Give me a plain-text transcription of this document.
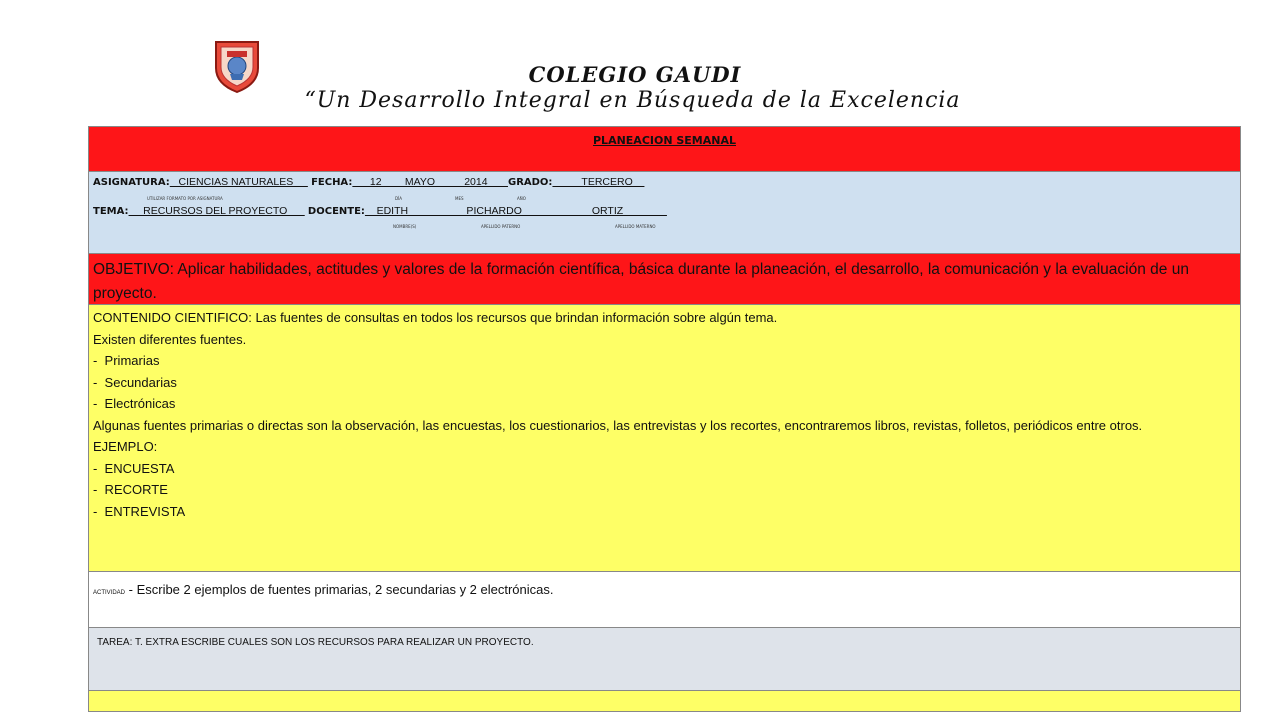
COLEGIO GAUDI
“Un Desarrollo Integral en Búsqueda de la Excelencia
PLANEACION SEMANAL
ASIGNATURA:   CIENCIAS NATURALES      FECHA:      12        MAYO          2014       GRADO:          TERCERO
UTILIZAR FORMATO POR ASIGNATURA	DÍA	MES	AÑO
TEMA:     RECURSOS DEL PROYECTO       DOCENTE:    EDITH                    PICHARDO                        ORTIZ
NOMBRE(S)	APELLIDO PATERNO	APELLIDO MATERNO
OBJETIVO: Aplicar habilidades, actitudes y valores de la formación científica, básica durante la planeación, el desarrollo, la comunicación y la evaluación de un proyecto.

CONTENIDO CIENTIFICO: Las fuentes de consultas en todos los recursos que brindan información sobre algún tema.

Existen diferentes fuentes.

-  Primarias

-  Secundarias

-  Electrónicas

Algunas fuentes primarias o directas son la observación, las encuestas, los cuestionarios, las entrevistas y los recortes, encontraremos libros, revistas, folletos, periódicos entre otros.

EJEMPLO:

-  ENCUESTA

-  RECORTE

-  ENTREVISTA

ACTIVIDAD - Escribe 2 ejemplos de fuentes primarias, 2 secundarias y 2 electrónicas.
TAREA: T. EXTRA ESCRIBE CUALES SON LOS RECURSOS PARA REALIZAR UN PROYECTO.
